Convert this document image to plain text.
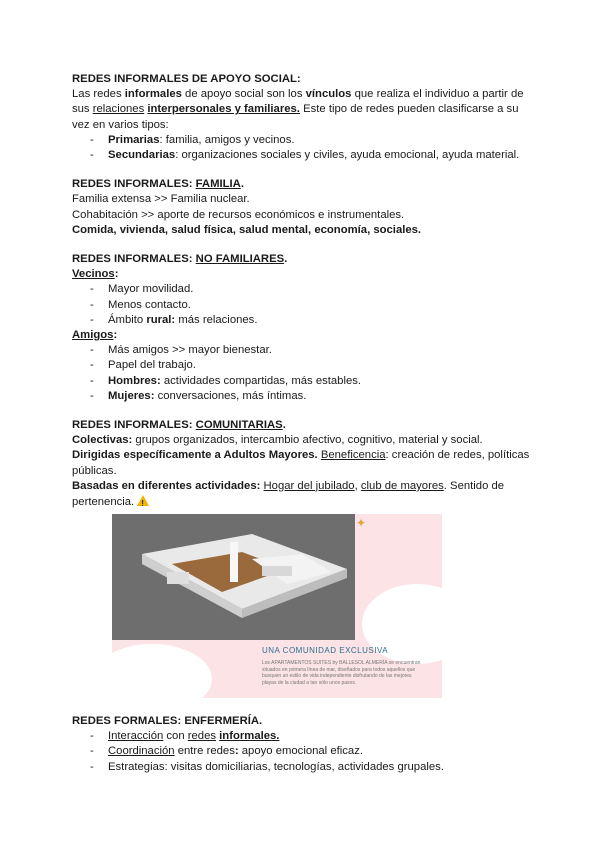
REDES INFORMALES DE APOYO SOCIAL:

Las redes informales de apoyo social son los vínculos que realiza el individuo a partir de sus relaciones interpersonales y familiares. Este tipo de redes pueden clasificarse a su vez en varios tipos:

- Primarias: familia, amigos y vecinos.
- Secundarias: organizaciones sociales y civiles, ayuda emocional, ayuda material.

REDES INFORMALES: FAMILIA.

Familia extensa >> Familia nuclear.

Cohabitación >> aporte de recursos económicos e instrumentales.

Comida, vivienda, salud física, salud mental, economía, sociales.

REDES INFORMALES: NO FAMILIARES.

Vecinos:

- Mayor movilidad.
- Menos contacto.
- Ámbito rural: más relaciones.

Amigos:

- Más amigos >> mayor bienestar.
- Papel del trabajo.
- Hombres: actividades compartidas, más estables.
- Mujeres: conversaciones, más íntimas.

REDES INFORMALES: COMUNITARIAS.

Colectivas: grupos organizados, intercambio afectivo, cognitivo, material y social.

Dirigidas específicamente a Adultos Mayores. Beneficencia: creación de redes, políticas públicas.

Basadas en diferentes actividades: Hogar del jubilado, club de mayores. Sentido de pertenencia.!

✦
UNA COMUNIDAD EXCLUSIVA
Los APARTAMENTOS SUITES by BALLESOL ALMERÍA se encuentran situados en primera línea de mar, diseñados para todos aquellos que busquen un estilo de vida independiente disfrutando de las mejores playas de la ciudad a tan sólo unos pasos.

REDES FORMALES: ENFERMERÍA.

- Interacción con redes informales.
- Coordinación entre redes: apoyo emocional eficaz.
- Estrategias: visitas domiciliarias, tecnologías, actividades grupales.
